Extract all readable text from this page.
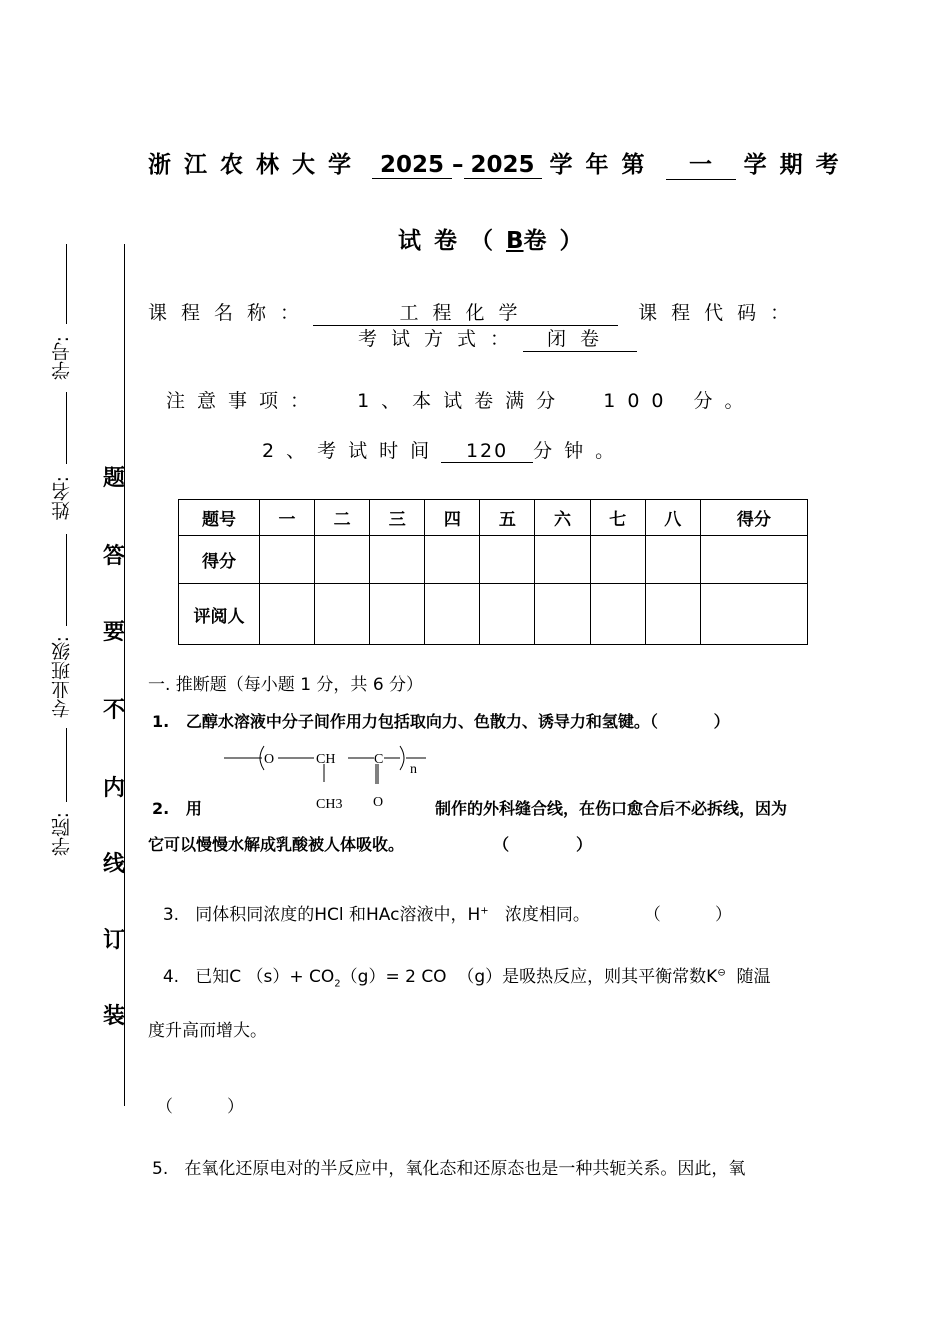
浙江农林大学 2025 – 2025 学年第 一 学期考
试卷（B卷）
课程名称：	工程化学	课程代码：
考试方式： 闭卷
注意事项：  1、本试卷满分  100 分。
2、考试时间 120 分钟。
题号	一	二	三	四	五	六	七	八	得分
得分									
评阅人									
学号:
姓名:
专业班级:
学院:
题
答
要
不
内
线
订
装
一. 推断题（每小题 1 分，共 6 分）
1.   乙醇水溶液中分子间作用力包括取向力、色散力、诱导力和氢键。（          ）
O	CH	C
n
CH3 O
2.   用	制作的外科缝合线，在伤口愈合后不必拆线，因为
它可以慢慢水解成乳酸被人体吸收。                （            ）

3.   同体积同浓度的HCl 和HAc溶液中，H+   浓度相同。          （          ）

4.   已知C $(s)+ CO_2(g)= 2$ CO  （g）是吸热反应，则其平衡常数K⊖  随温

度升高而增大。
（          ）
5.   在氧化还原电对的半反应中，氧化态和还原态也是一种共轭关系。因此，氧
